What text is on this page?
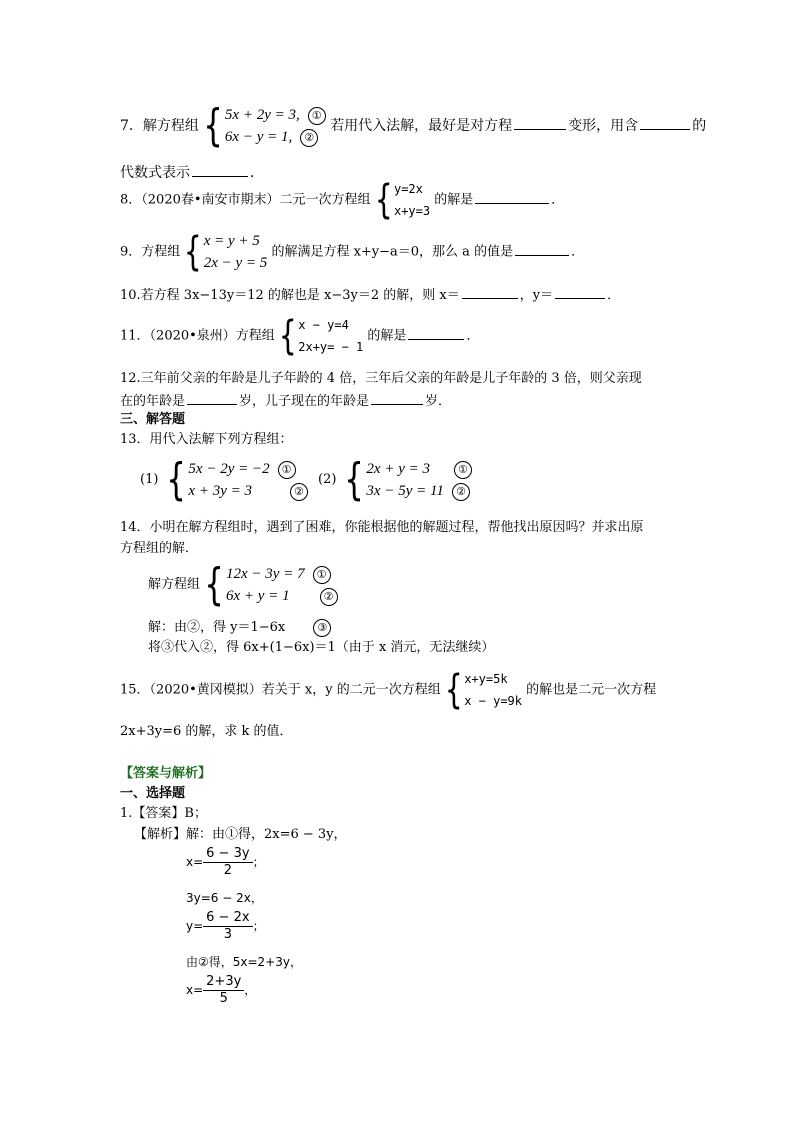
7．解方程组 { 5x + 2y = 3, ①
6x − y = 1, ②
若用代入法解，最好是对方程	变形，用含	的
代数式表示	．
8．（2020春•南安市期末）二元一次方程组 { y=2x
x+y=3
的解是	．
9．方程组 { x = y + 5
2x − y = 5
的解满足方程 x+y−a＝0，那么 a 的值是	．
10.若方程 3x−13y＝12 的解也是 x−3y＝2 的解，则 x＝	，y＝	．
11．（2020•泉州）方程组 { x − y=4
2x+y= − 1
的解是	．
12.三年前父亲的年龄是儿子年龄的 4 倍，三年后父亲的年龄是儿子年龄的 3 倍，则父亲现
在的年龄是	岁，儿子现在的年龄是	岁．
三、解答题
13．用代入法解下列方程组：
(1) { 5x − 2y = −2 ①
x + 3y = 3	②
(2) { 2x + y = 3	①
3x − 5y = 11 ②
14．小明在解方程组时，遇到了困难，你能根据他的解题过程，帮他找出原因吗？并求出原
方程组的解．
解方程组 { 12x − 3y = 7 ①
6x + y = 1	②
解：由②，得 y＝1−6x	③
将③代入②，得 6x+(1−6x)＝1（由于 x 消元，无法继续）
15．（2020•黄冈模拟）若关于 x，y 的二元一次方程组 { x+y=5k
x − y=9k
的解也是二元一次方程
2x+3y=6 的解，求 k 的值．
【答案与解析】
一、选择题
1.【答案】B；
【解析】解：由①得，2x=6 − 3y，
$x= \frac{6 - 3y}{2}$ ；
3y=6 − 2x，
$y= \frac{6 - 2x}{3}$ ；
由②得，5x=2+3y，
$x= \frac{2+3y}{5}$ ，
